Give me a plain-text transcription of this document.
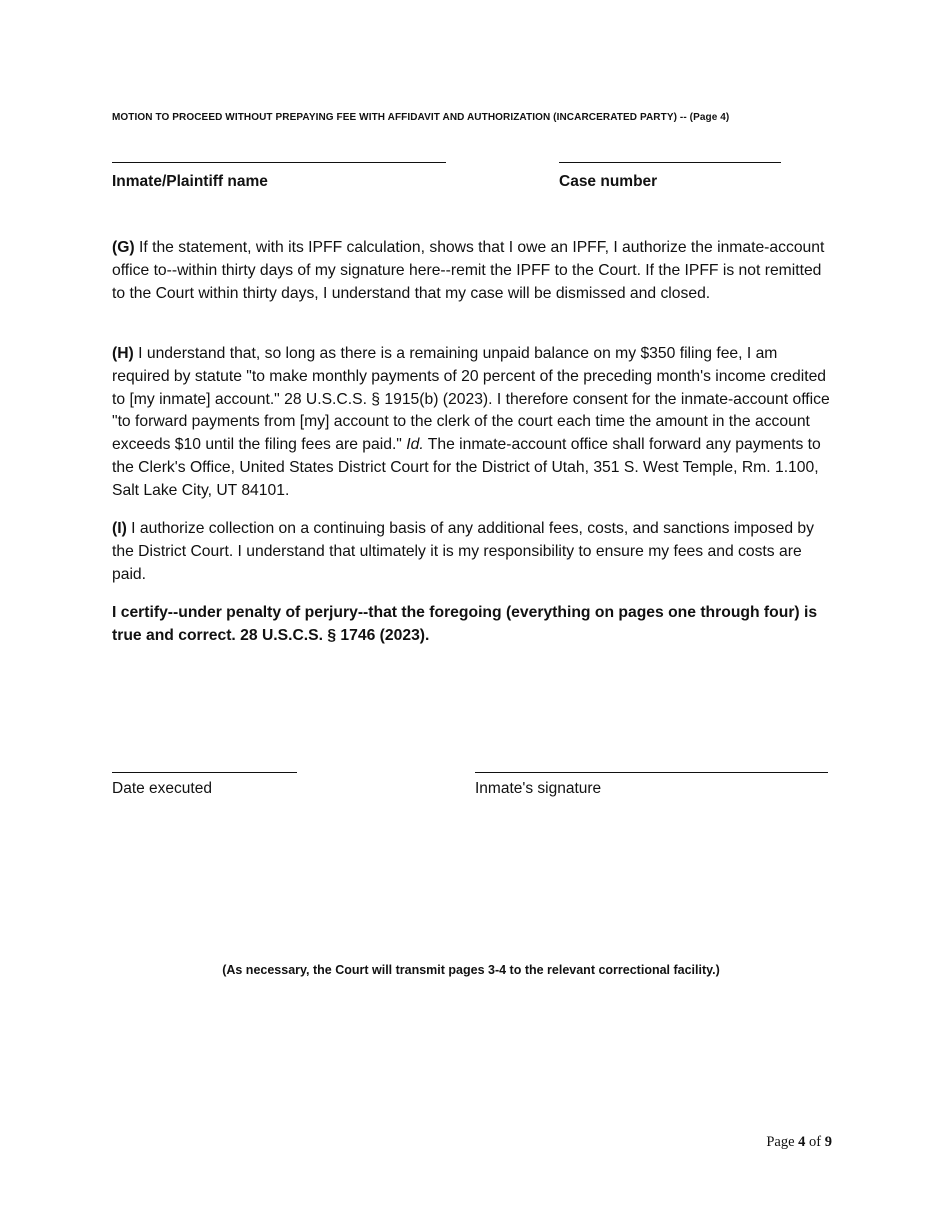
MOTION TO PROCEED WITHOUT PREPAYING FEE WITH AFFIDAVIT AND AUTHORIZATION (INCARCERATED PARTY) -- (Page 4)
Inmate/Plaintiff name	Case number
(G) If the statement, with its IPFF calculation, shows that I owe an IPFF, I authorize the inmate-account office to--within thirty days of my signature here--remit the IPFF to the Court. If the IPFF is not remitted to the Court within thirty days, I understand that my case will be dismissed and closed.
(H) I understand that, so long as there is a remaining unpaid balance on my $350 filing fee, I am required by statute "to make monthly payments of 20 percent of the preceding month's income credited to [my inmate] account." 28 U.S.C.S. § 1915(b) (2023). I therefore consent for the inmate-account office "to forward payments from [my] account to the clerk of the court each time the amount in the account exceeds $10 until the filing fees are paid." Id. The inmate-account office shall forward any payments to the Clerk's Office, United States District Court for the District of Utah, 351 S. West Temple, Rm. 1.100, Salt Lake City, UT 84101.
(I) I authorize collection on a continuing basis of any additional fees, costs, and sanctions imposed by the District Court. I understand that ultimately it is my responsibility to ensure my fees and costs are paid.
I certify--under penalty of perjury--that the foregoing (everything on pages one through four) is true and correct. 28 U.S.C.S. § 1746 (2023).
Date executed	Inmate's signature
(As necessary, the Court will transmit pages 3-4 to the relevant correctional facility.)
Page 4 of 9
